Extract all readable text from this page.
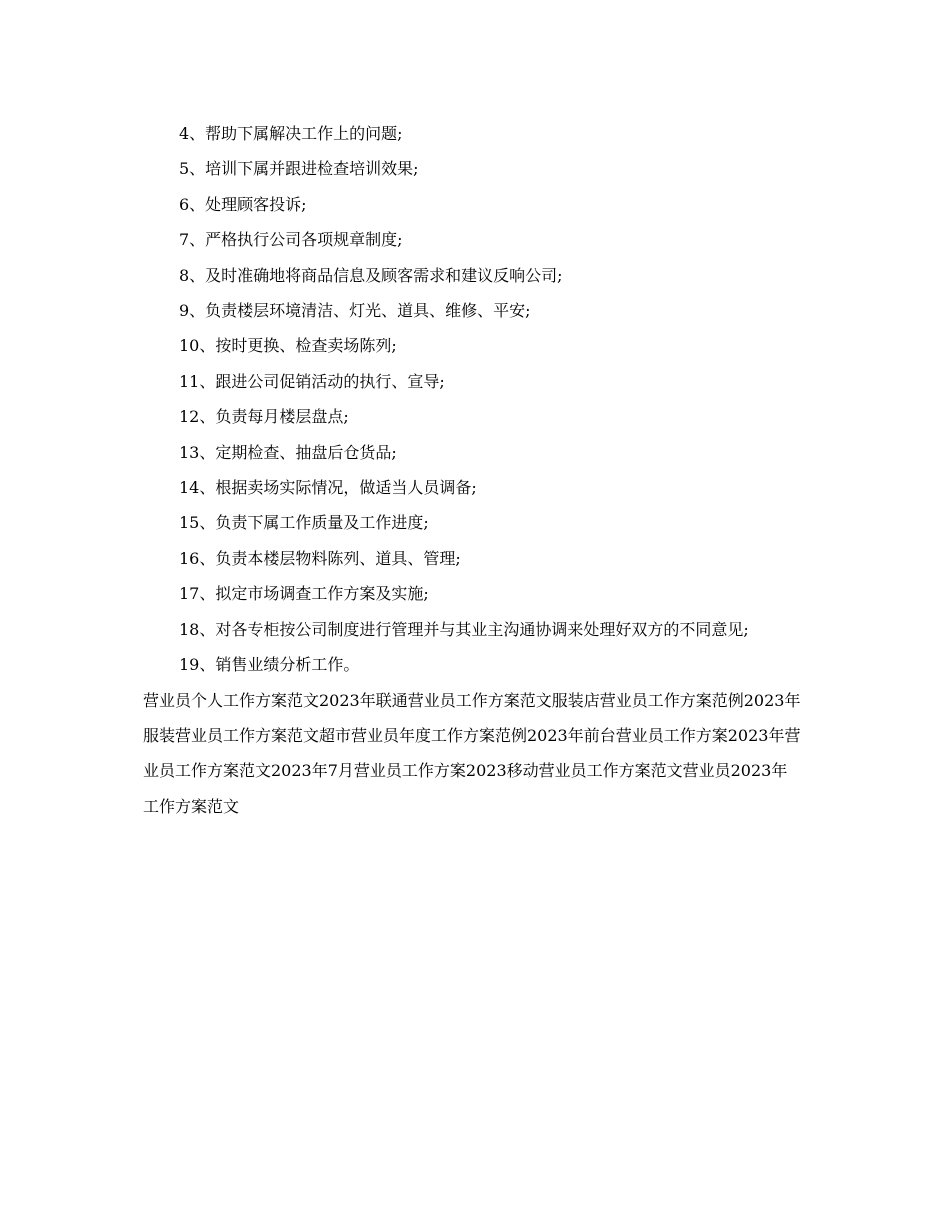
4、帮助下属解决工作上的问题;

5、培训下属并跟进检查培训效果;

6、处理顾客投诉;

7、严格执行公司各项规章制度;

8、及时准确地将商品信息及顾客需求和建议反响公司;

9、负责楼层环境清洁、灯光、道具、维修、平安;

10、按时更换、检查卖场陈列;

11、跟进公司促销活动的执行、宣导;

12、负责每月楼层盘点;

13、定期检查、抽盘后仓货品;

14、根据卖场实际情况，做适当人员调备;

15、负责下属工作质量及工作进度;

16、负责本楼层物料陈列、道具、管理;

17、拟定市场调查工作方案及实施;

18、对各专柜按公司制度进行管理并与其业主沟通协调来处理好双方的不同意见;

19、销售业绩分析工作。

营业员个人工作方案范文2023年联通营业员工作方案范文服装店营业员工作方案范例2023年服装营业员工作方案范文超市营业员年度工作方案范例2023年前台营业员工作方案2023年营业员工作方案范文2023年7月营业员工作方案2023移动营业员工作方案范文营业员2023年工作方案范文
